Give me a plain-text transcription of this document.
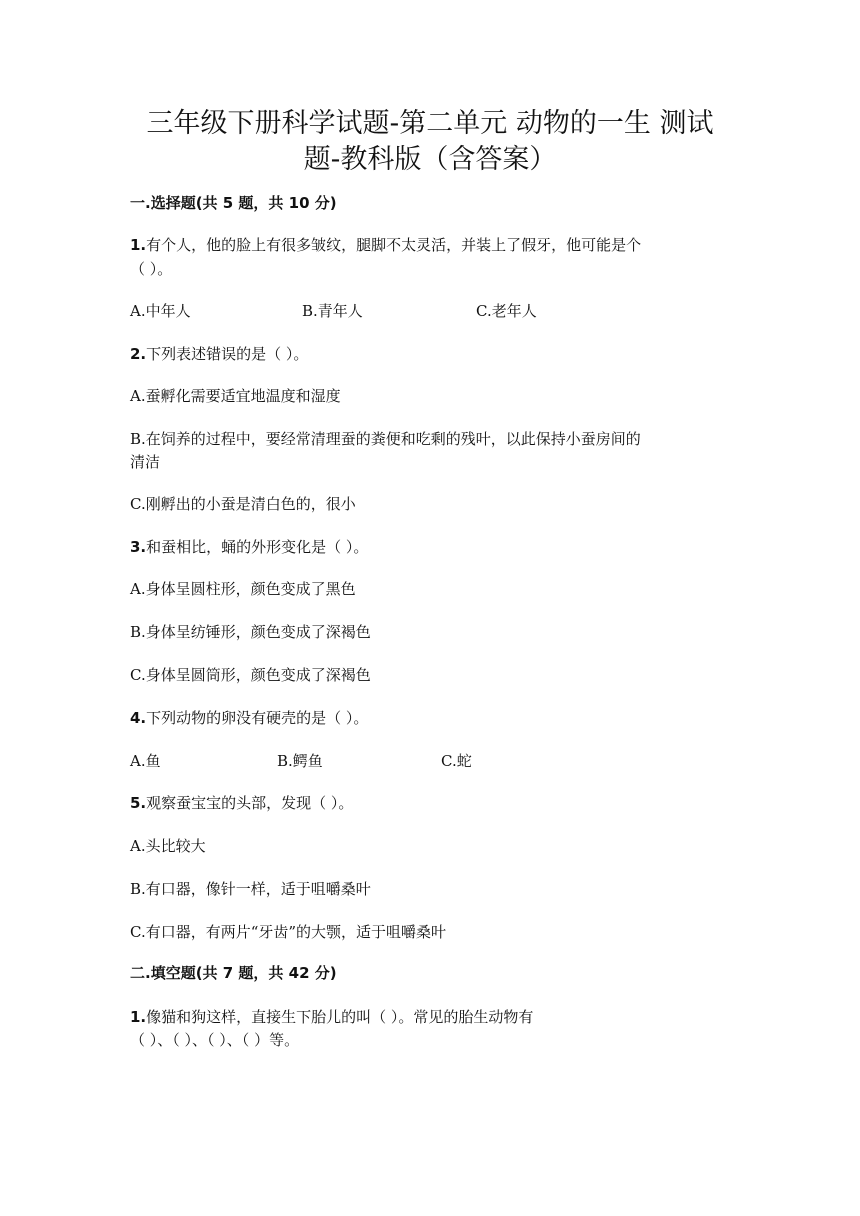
三年级下册科学试题-第二单元 动物的一生 测试
题-教科版（含答案）
一.选择题(共 5 题，共 10 分)
1.有个人，他的脸上有很多皱纹，腿脚不太灵活，并装上了假牙，他可能是个
（ ）。
A.中年人	B.青年人	C.老年人
2.下列表述错误的是（ ）。
A.蚕孵化需要适宜地温度和湿度
B.在饲养的过程中，要经常清理蚕的粪便和吃剩的残叶，以此保持小蚕房间的
清洁
C.刚孵出的小蚕是清白色的，很小
3.和蚕相比，蛹的外形变化是（ ）。
A.身体呈圆柱形，颜色变成了黑色
B.身体呈纺锤形，颜色变成了深褐色
C.身体呈圆筒形，颜色变成了深褐色
4.下列动物的卵没有硬壳的是（ ）。
A.鱼	B.鳄鱼	C.蛇
5.观察蚕宝宝的头部，发现（ ）。
A.头比较大
B.有口器，像针一样，适于咀嚼桑叶
C.有口器，有两片“牙齿”的大颚，适于咀嚼桑叶
二.填空题(共 7 题，共 42 分)
1.像猫和狗这样，直接生下胎儿的叫（ ）。常见的胎生动物有
（ ）、（ ）、（ ）、（ ）等。
